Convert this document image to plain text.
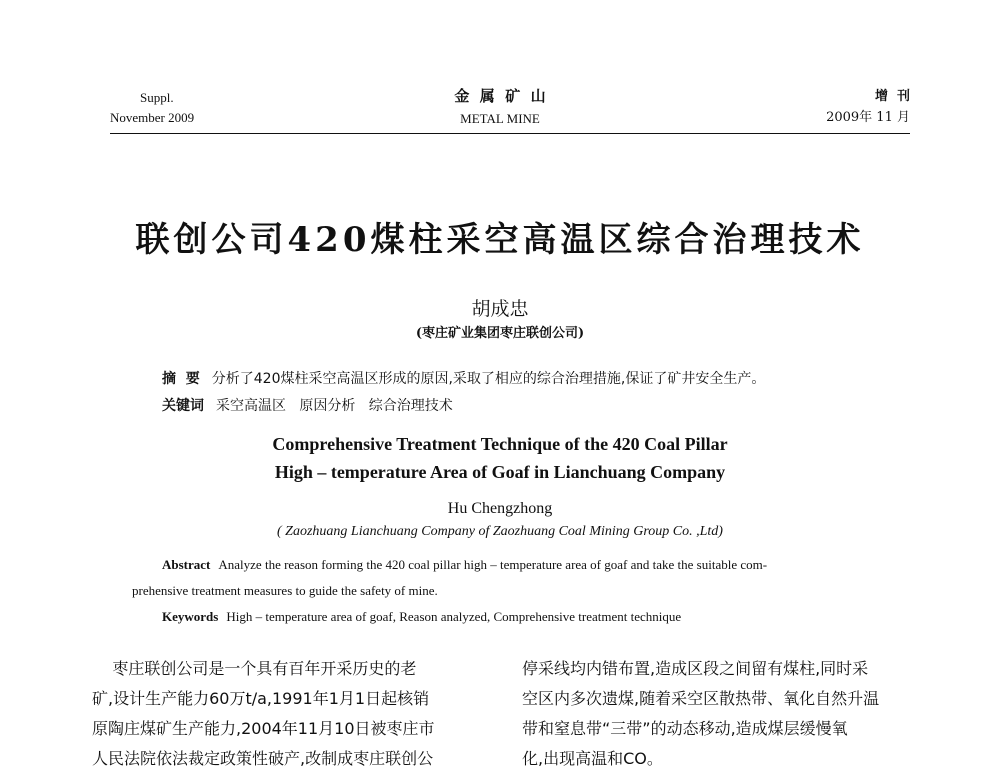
Suppl.
November 2009
金  属  矿  山
METAL MINE
增  刊
2009年 11 月
联创公司420煤柱采空高温区综合治理技术
胡成忠
(枣庄矿业集团枣庄联创公司)
摘  要 分析了420煤柱采空高温区形成的原因,采取了相应的综合治理措施,保证了矿井安全生产。
关键词 采空高温区   原因分析   综合治理技术
Comprehensive Treatment Technique of the 420 Coal Pillar
High – temperature Area of Goaf in Lianchuang Company
Hu Chengzhong
( Zaozhuang Lianchuang Company of Zaozhuang Coal Mining Group Co. ,Ltd)
Abstract Analyze the reason forming the 420 coal pillar high – temperature area of goaf and take the suitable com-
prehensive treatment measures to guide the safety of mine.
Keywords High – temperature area of goaf, Reason analyzed, Comprehensive treatment technique

枣庄联创公司是一个具有百年开采历史的老

矿,设计生产能力60万t/a,1991年1月1日起核销

原陶庄煤矿生产能力,2004年11月10日被枣庄市

人民法院依法裁定政策性破产,改制成枣庄联创公

停采线均内错布置,造成区段之间留有煤柱,同时采

空区内多次遗煤,随着采空区散热带、氧化自然升温

带和窒息带“三带”的动态移动,造成煤层缓慢氧

化,出现高温和CO。
